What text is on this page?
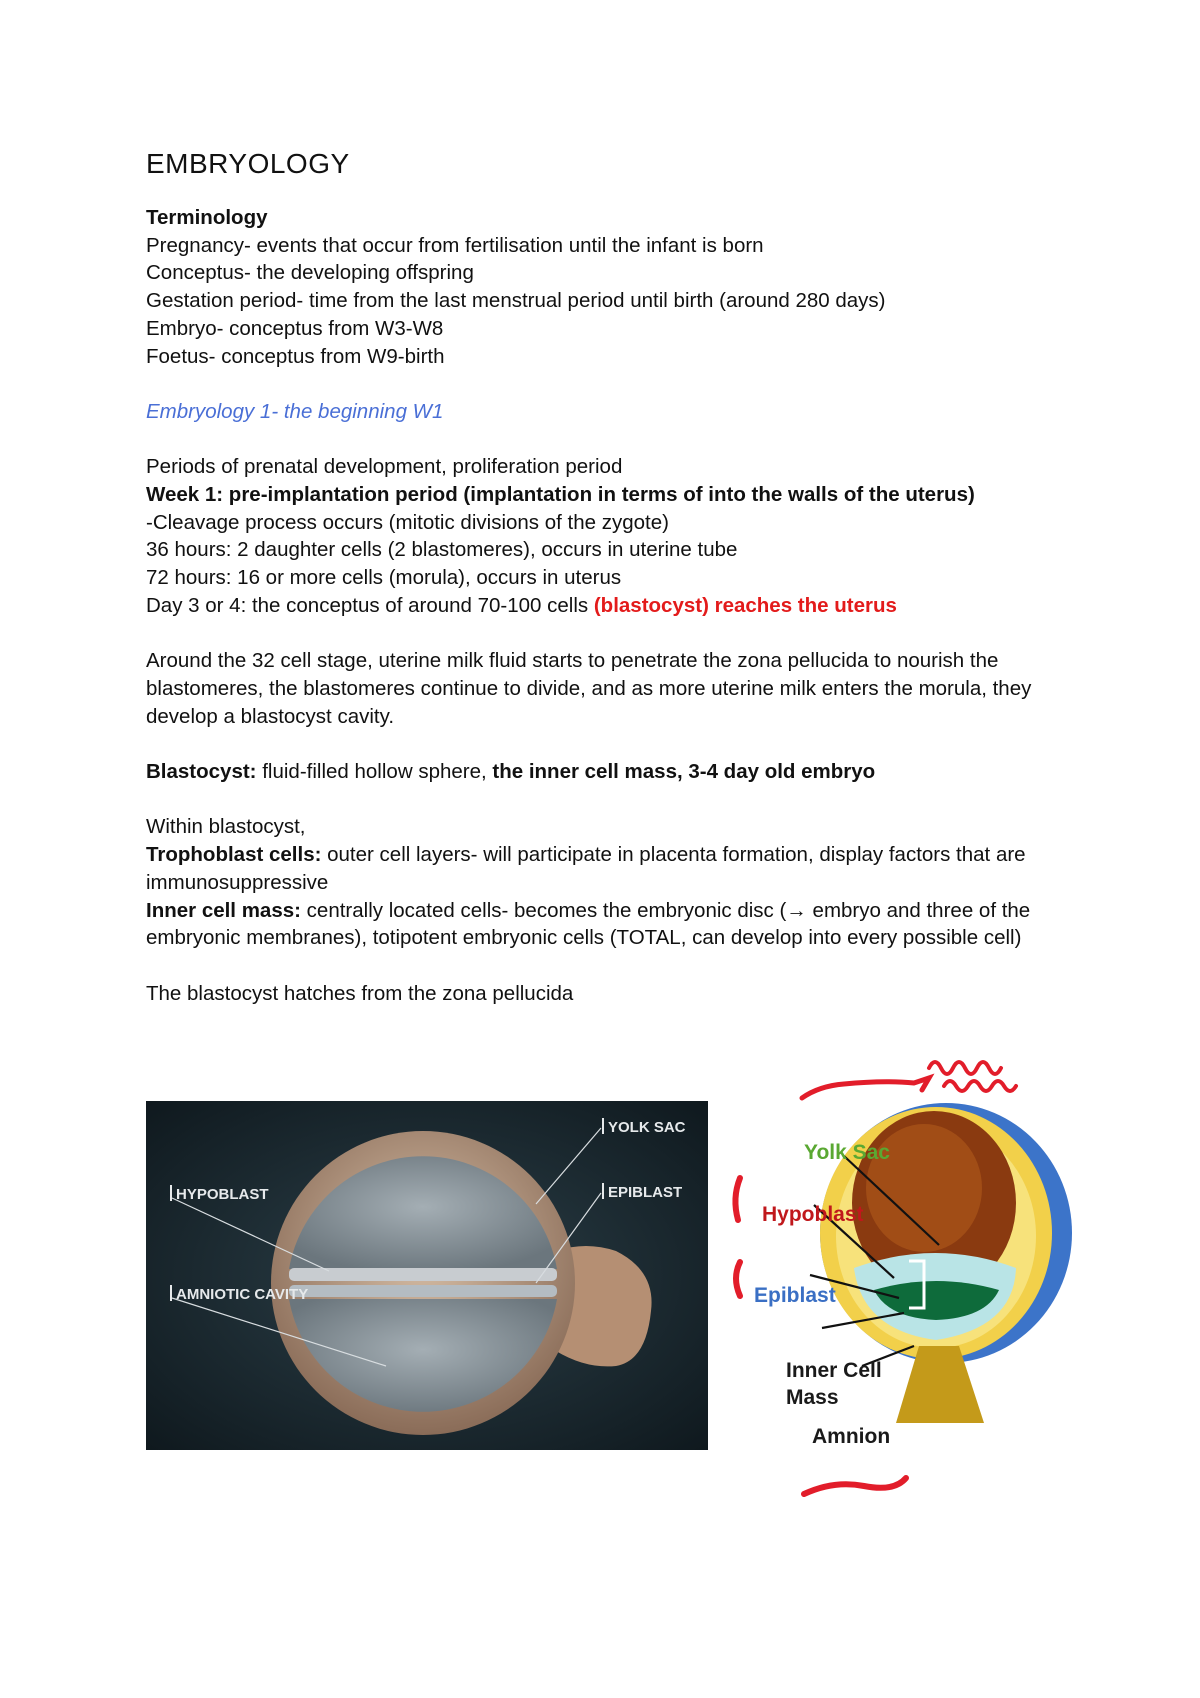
EMBRYOLOGY

Terminology

Pregnancy- events that occur from fertilisation until the infant is born

Conceptus- the developing offspring

Gestation period- time from the last menstrual period until birth (around 280 days)

Embryo- conceptus from W3-W8

Foetus- conceptus from W9-birth

Embryology 1- the beginning W1

Periods of prenatal development, proliferation period

Week 1: pre-implantation period (implantation in terms of into the walls of the uterus)

-Cleavage process occurs (mitotic divisions of the zygote)

36 hours: 2 daughter cells (2 blastomeres), occurs in uterine tube

72 hours: 16 or more cells (morula), occurs in uterus

Day 3 or 4: the conceptus of around 70-100 cells (blastocyst) reaches the uterus

Around the 32 cell stage, uterine milk fluid starts to penetrate the zona pellucida to nourish the blastomeres, the blastomeres continue to divide, and as more uterine milk enters the morula, they develop a blastocyst cavity.

Blastocyst: fluid-filled hollow sphere, the inner cell mass, 3-4 day old embryo

Within blastocyst,

Trophoblast cells: outer cell layers- will participate in placenta formation, display factors that are immunosuppressive

Inner cell mass: centrally located cells- becomes the embryonic disc (→ embryo and three of the embryonic membranes), totipotent embryonic cells (TOTAL, can develop into every possible cell)

The blastocyst hatches from the zona pellucida

YOLK SAC
HYPOBLAST	EPIBLAST
AMNIOTIC CAVITY
Yolk Sac
Hypoblast
Epiblast
Inner Cell
Mass
Amnion
